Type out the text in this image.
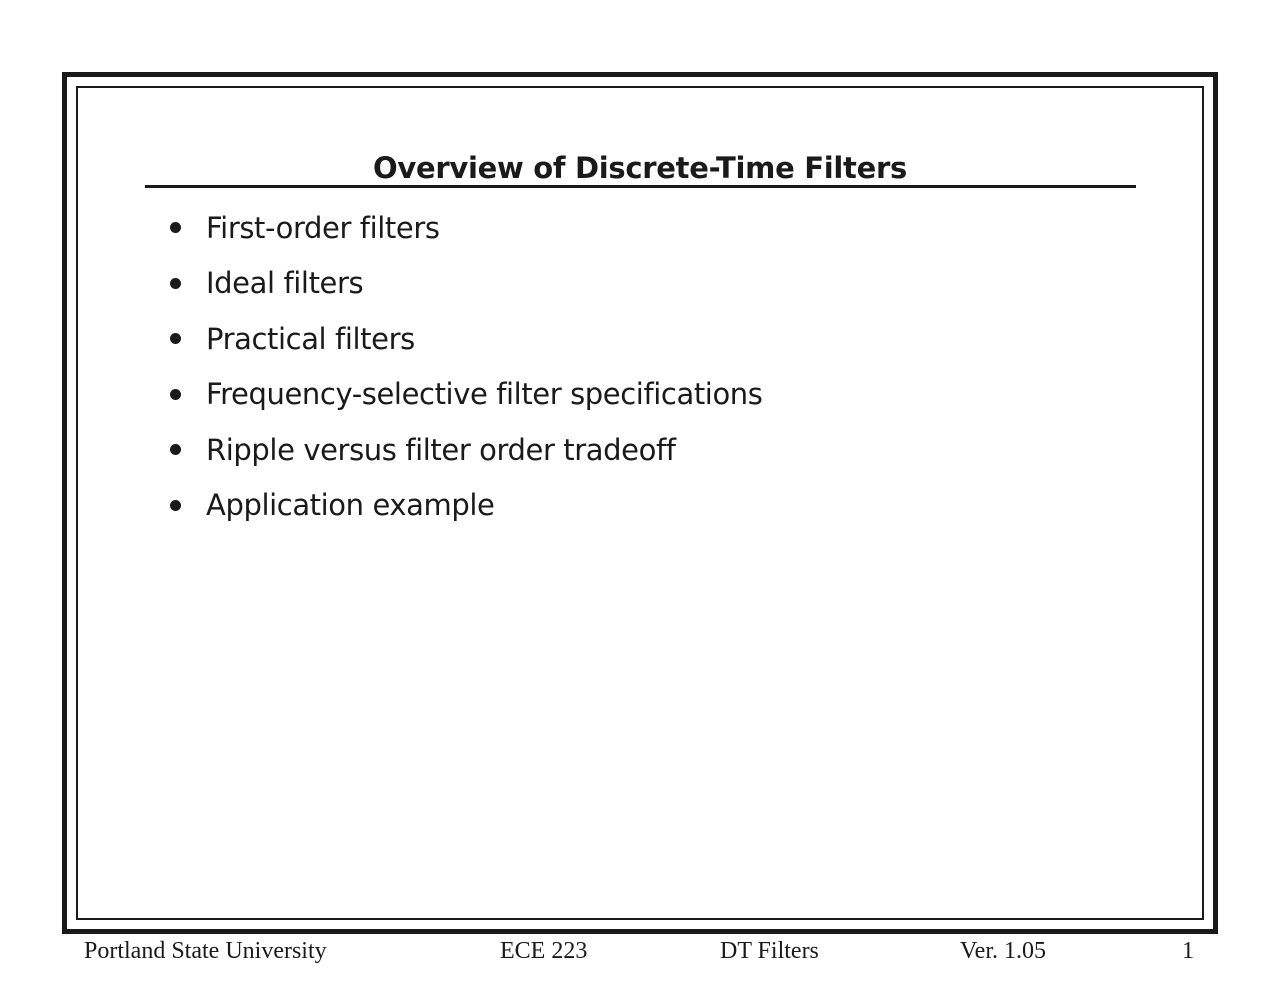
Overview of Discrete-Time Filters
First-order filters
Ideal filters
Practical filters
Frequency-selective filter specifications
Ripple versus filter order tradeoff
Application example
Portland State University	ECE 223	DT Filters	Ver. 1.05	1
